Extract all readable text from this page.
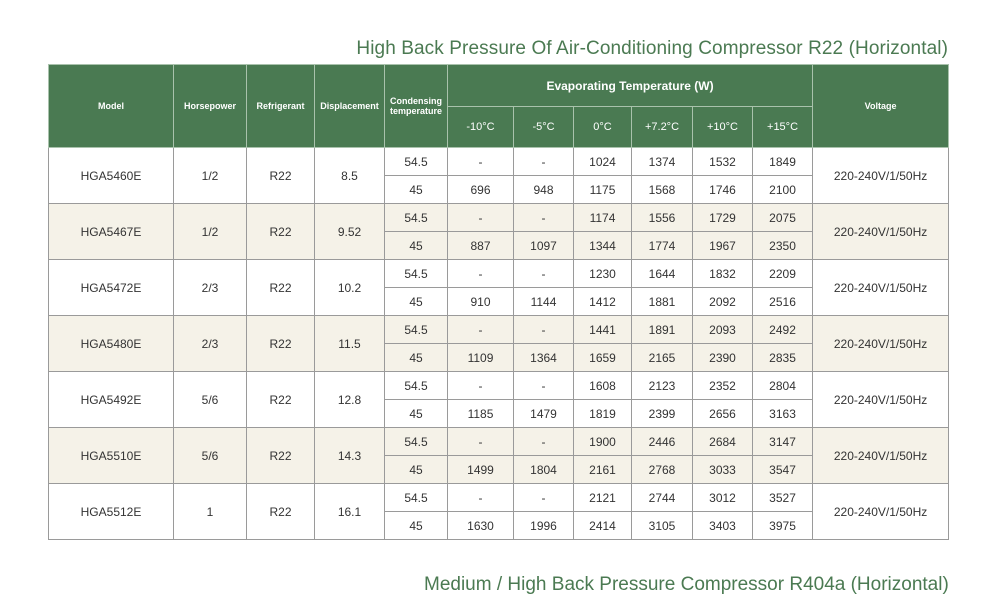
High Back Pressure Of Air-Conditioning Compressor R22 (Horizontal)
Model	Horsepower	Refrigerant	Displacement	Condensing temperature	Evaporating Temperature (W)						Voltage
					-10°C	-5°C	0°C	+7.2°C	+10°C	+15°C	
HGA5460E	1/2	R22	8.5	54.5	-	-	1024	1374	1532	1849	220-240V/1/50Hz
				45	696	948	1175	1568	1746	2100	
HGA5467E	1/2	R22	9.52	54.5	-	-	1174	1556	1729	2075	220-240V/1/50Hz
				45	887	1097	1344	1774	1967	2350	
HGA5472E	2/3	R22	10.2	54.5	-	-	1230	1644	1832	2209	220-240V/1/50Hz
				45	910	1144	1412	1881	2092	2516	
HGA5480E	2/3	R22	11.5	54.5	-	-	1441	1891	2093	2492	220-240V/1/50Hz
				45	1109	1364	1659	2165	2390	2835	
HGA5492E	5/6	R22	12.8	54.5	-	-	1608	2123	2352	2804	220-240V/1/50Hz
				45	1185	1479	1819	2399	2656	3163	
HGA5510E	5/6	R22	14.3	54.5	-	-	1900	2446	2684	3147	220-240V/1/50Hz
				45	1499	1804	2161	2768	3033	3547	
HGA5512E	1	R22	16.1	54.5	-	-	2121	2744	3012	3527	220-240V/1/50Hz
				45	1630	1996	2414	3105	3403	3975	
Medium / High Back Pressure Compressor R404a (Horizontal)
